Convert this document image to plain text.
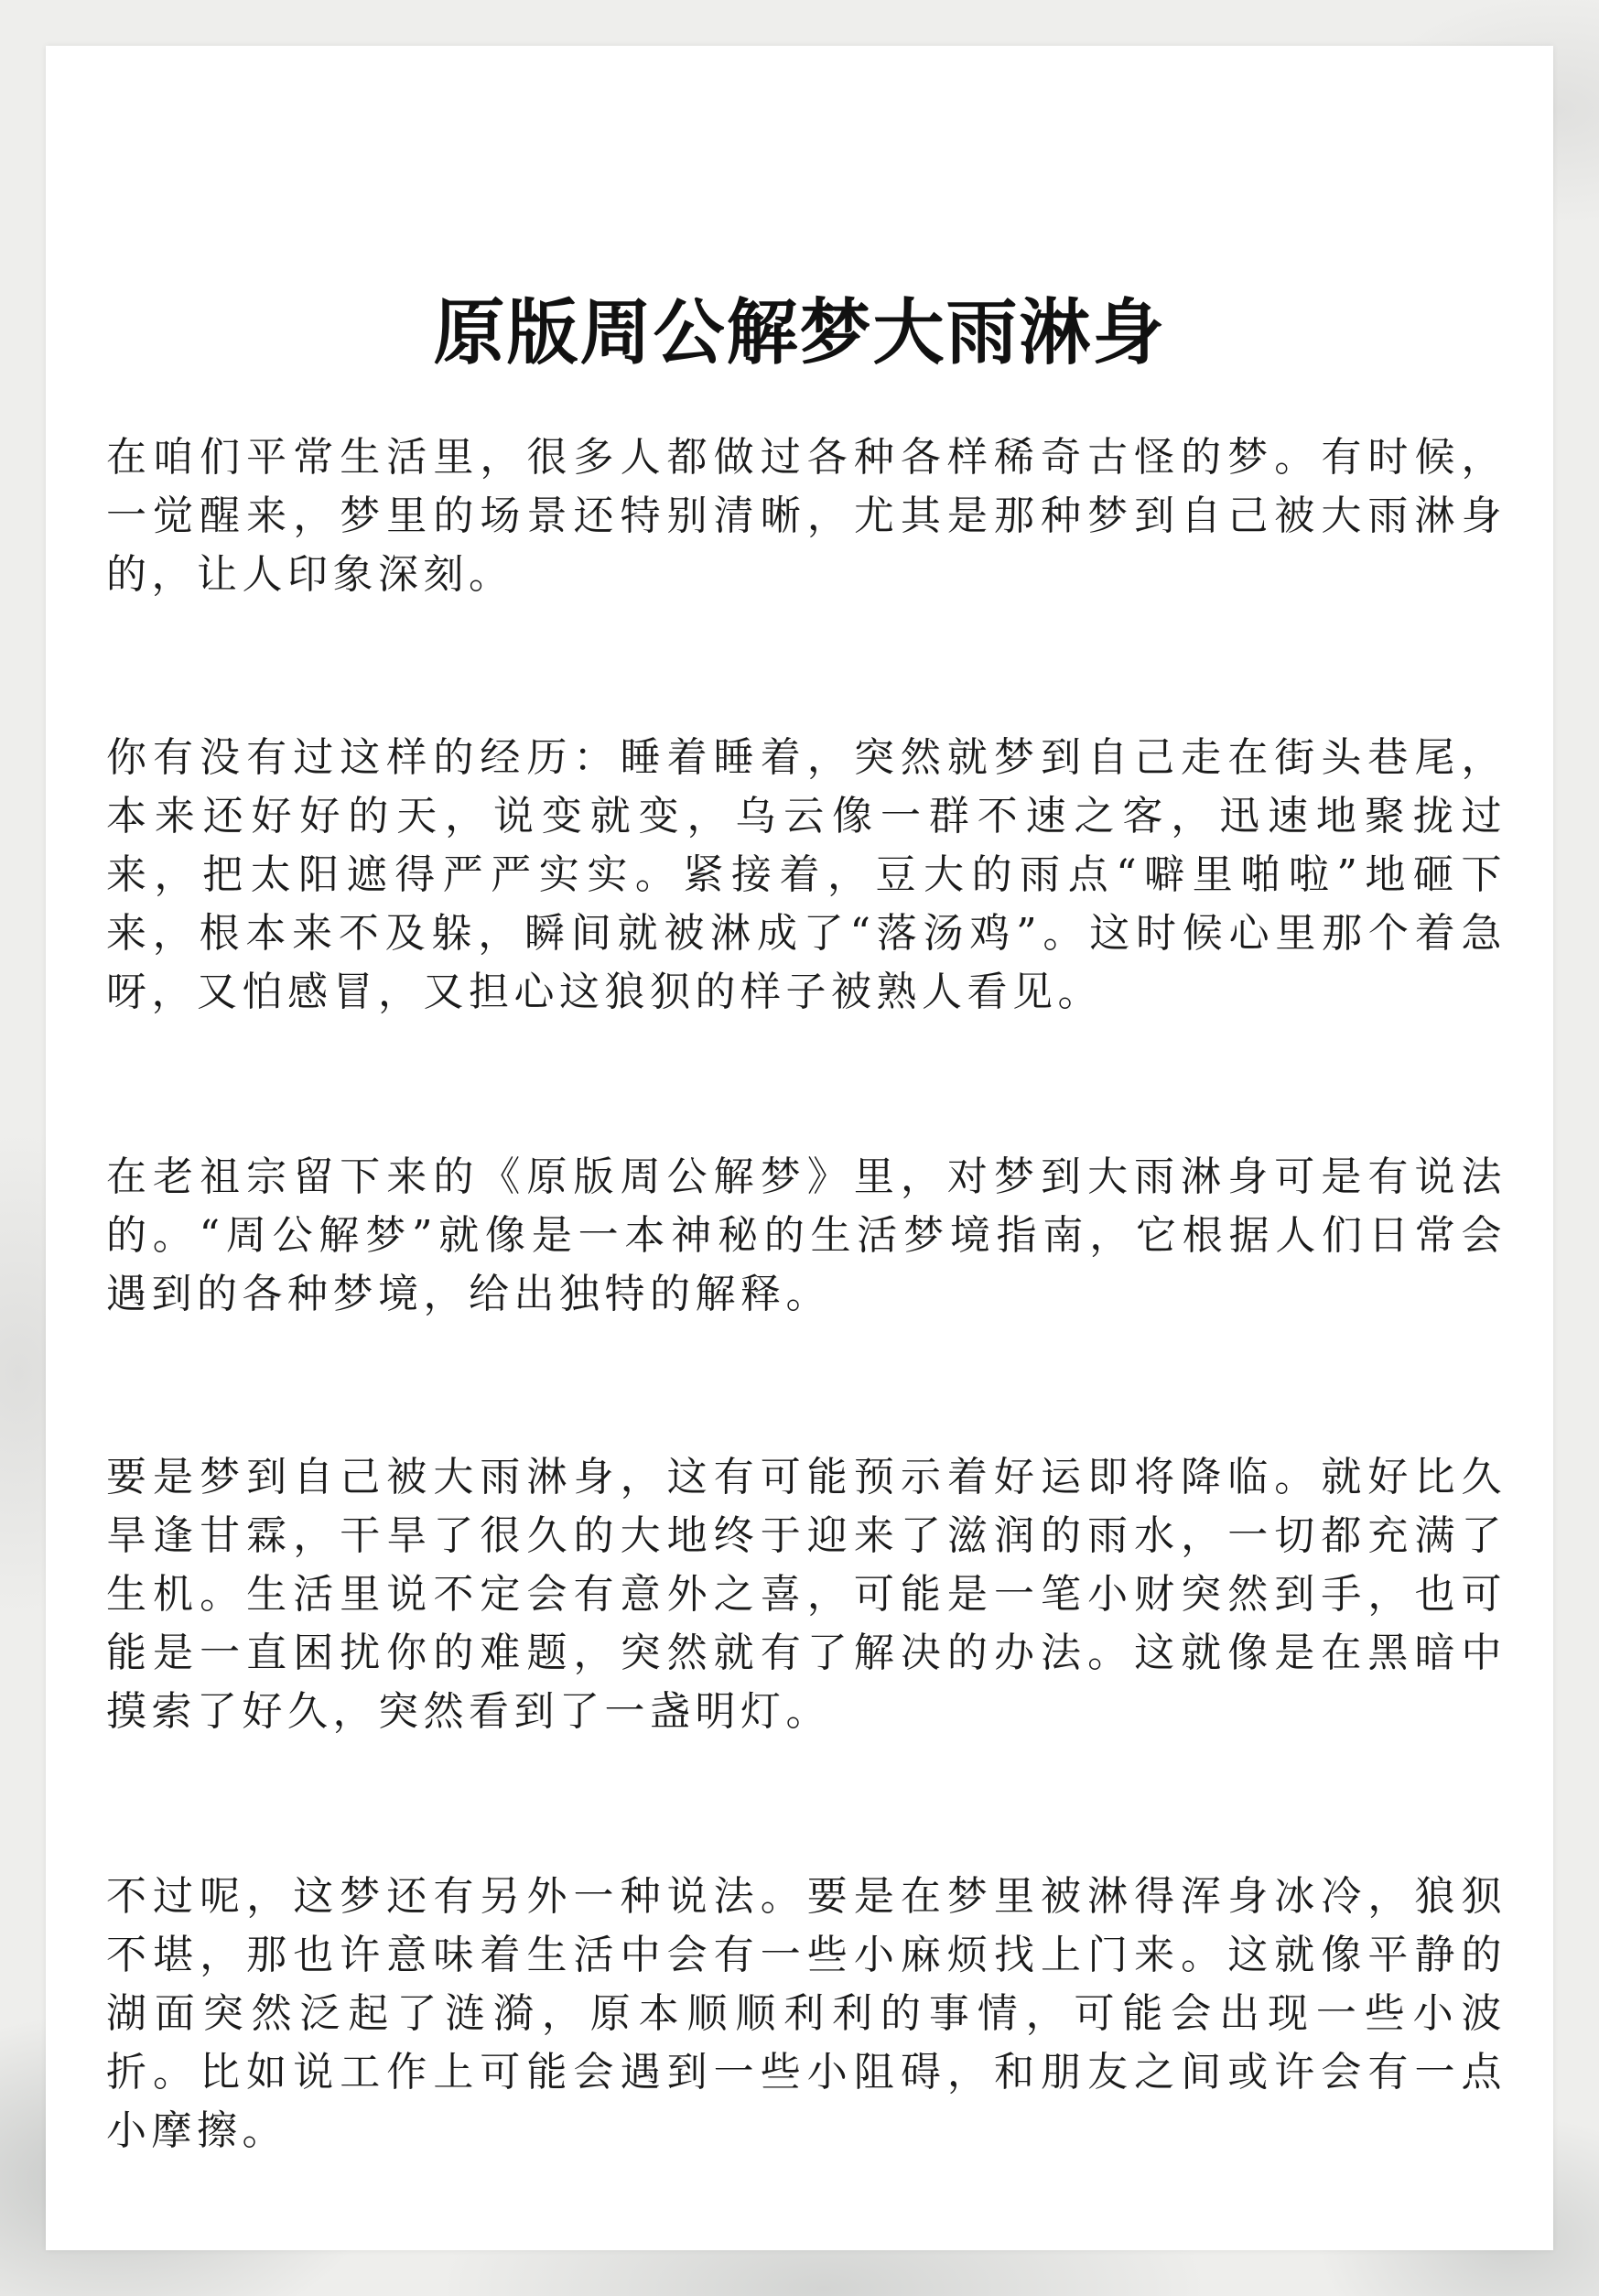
原版周公解梦大雨淋身

在咱们平常生活里，很多人都做过各种各样稀奇古怪的梦。有时候，一觉醒来，梦里的场景还特别清晰，尤其是那种梦到自己被大雨淋身的，让人印象深刻。

你有没有过这样的经历：睡着睡着，突然就梦到自己走在街头巷尾，本来还好好的天，说变就变，乌云像一群不速之客，迅速地聚拢过来，把太阳遮得严严实实。紧接着，豆大的雨点“噼里啪啦”地砸下来，根本来不及躲，瞬间就被淋成了“落汤鸡”。这时候心里那个着急呀，又怕感冒，又担心这狼狈的样子被熟人看见。

在老祖宗留下来的《原版周公解梦》里，对梦到大雨淋身可是有说法的。“周公解梦”就像是一本神秘的生活梦境指南，它根据人们日常会遇到的各种梦境，给出独特的解释。

要是梦到自己被大雨淋身，这有可能预示着好运即将降临。就好比久旱逢甘霖，干旱了很久的大地终于迎来了滋润的雨水，一切都充满了生机。生活里说不定会有意外之喜，可能是一笔小财突然到手，也可能是一直困扰你的难题，突然就有了解决的办法。这就像是在黑暗中摸索了好久，突然看到了一盏明灯。

不过呢，这梦还有另外一种说法。要是在梦里被淋得浑身冰冷，狼狈不堪，那也许意味着生活中会有一些小麻烦找上门来。这就像平静的湖面突然泛起了涟漪，原本顺顺利利的事情，可能会出现一些小波折。比如说工作上可能会遇到一些小阻碍，和朋友之间或许会有一点小摩擦。
